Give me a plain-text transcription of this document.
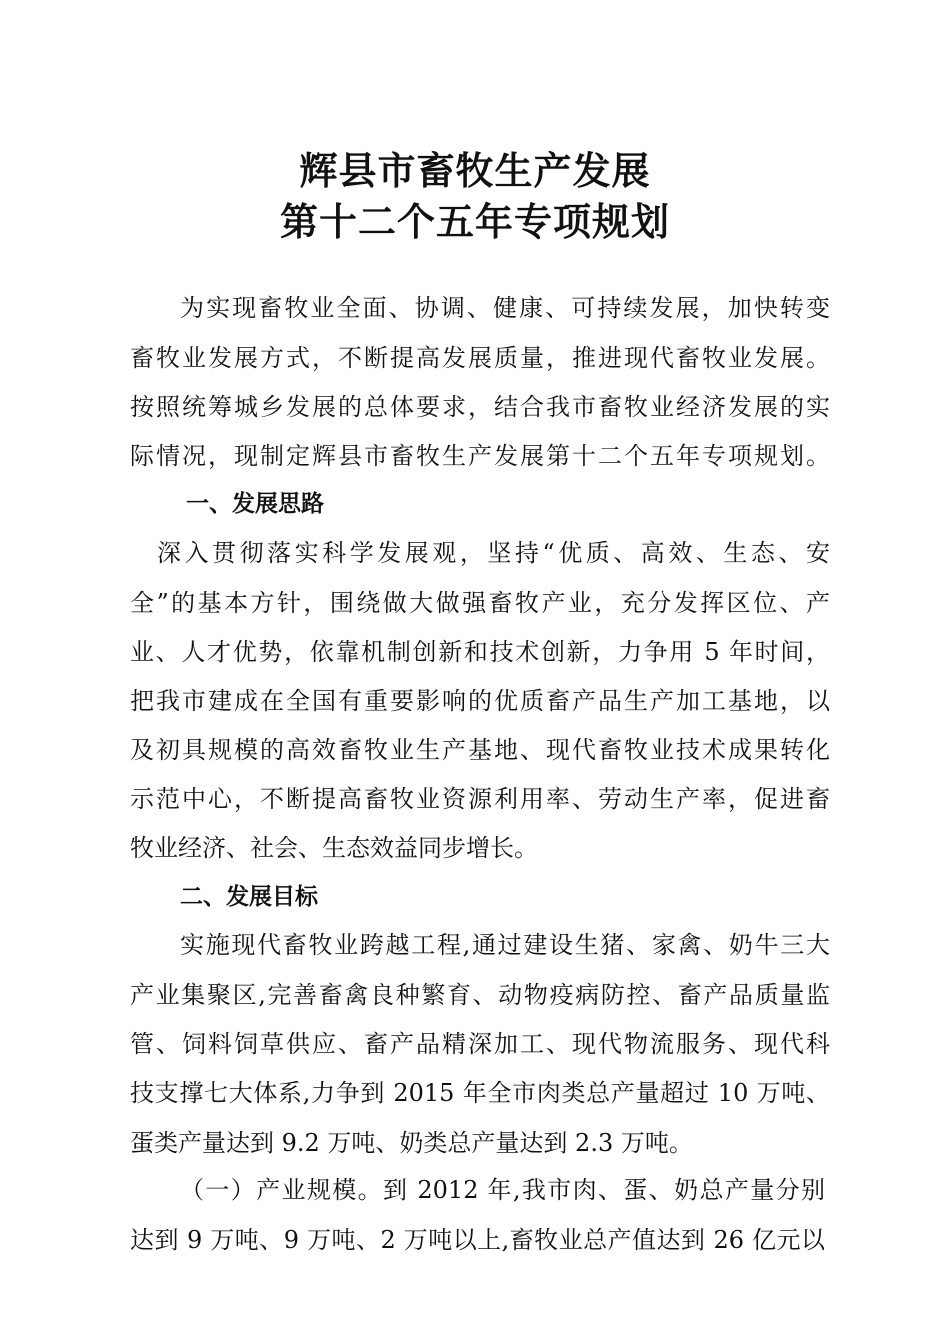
辉县市畜牧生产发展
第十二个五年专项规划
为实现畜牧业全面、协调、健康、可持续发展，加快转变
畜牧业发展方式，不断提高发展质量，推进现代畜牧业发展。
按照统筹城乡发展的总体要求，结合我市畜牧业经济发展的实
际情况，现制定辉县市畜牧生产发展第十二个五年专项规划。
一、发展思路
深入贯彻落实科学发展观，坚持“优质、高效、生态、安
全”的基本方针，围绕做大做强畜牧产业，充分发挥区位、产
业、人才优势，依靠机制创新和技术创新，力争用 5 年时间，
把我市建成在全国有重要影响的优质畜产品生产加工基地，以
及初具规模的高效畜牧业生产基地、现代畜牧业技术成果转化
示范中心，不断提高畜牧业资源利用率、劳动生产率，促进畜
牧业经济、社会、生态效益同步增长。
二、发展目标
实施现代畜牧业跨越工程,通过建设生猪、家禽、奶牛三大
产业集聚区,完善畜禽良种繁育、动物疫病防控、畜产品质量监
管、饲料饲草供应、畜产品精深加工、现代物流服务、现代科
技支撑七大体系,力争到 2015 年全市肉类总产量超过 10 万吨、
蛋类产量达到 9.2 万吨、奶类总产量达到 2.3 万吨。
（一）产业规模。到 2012 年,我市肉、蛋、奶总产量分别
达到 9 万吨、9 万吨、2 万吨以上,畜牧业总产值达到 26 亿元以
